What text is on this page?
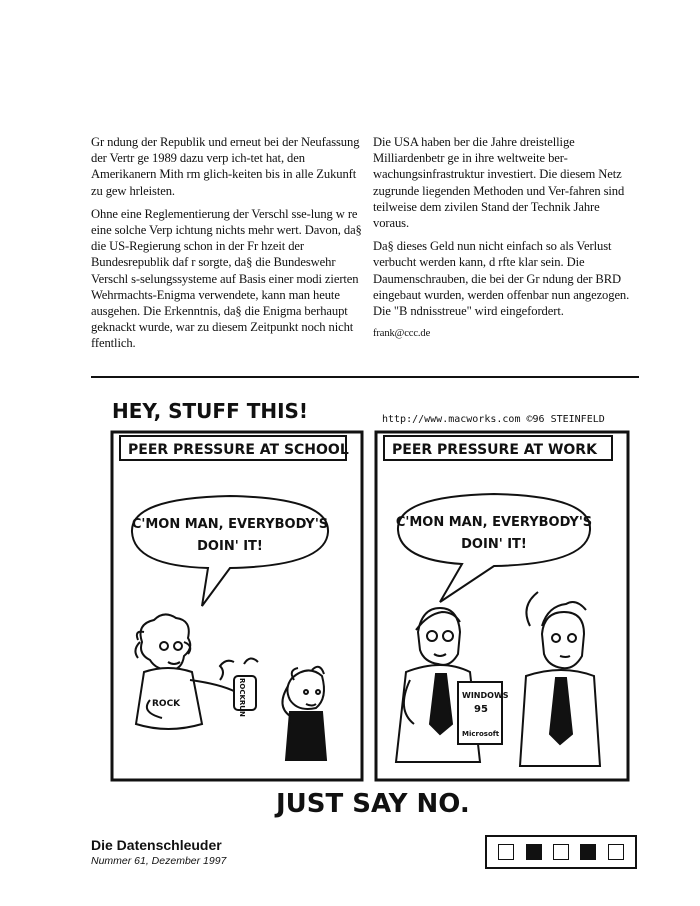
Gr ndung der Republik und erneut bei der Neufassung der Vertr ge 1989 dazu verp ich-tet hat, den Amerikanern Mith rm glich-keiten bis in alle Zukunft zu gew hrleisten.

Ohne eine Reglementierung der Verschl sse-lung w re eine solche Verp ichtung nichts mehr wert. Davon, da§ die US-Regierung schon in der Fr hzeit der Bundesrepublik daf r sorgte, da§ die Bundeswehr Verschl s-selungssysteme auf Basis einer modi zierten Wehrmachts-Enigma verwendete, kann man heute ausgehen. Die Erkenntnis, da§ die Enigma berhaupt geknackt wurde, war zu diesem Zeitpunkt noch nicht ffentlich.

Die USA haben ber die Jahre dreistellige Milliardenbetr ge in ihre weltweite ber-wachungsinfrastruktur investiert. Die diesem Netz zugrunde liegenden Methoden und Ver-fahren sind teilweise dem zivilen Stand der Technik Jahre voraus.

Da§ dieses Geld nun nicht einfach so als Verlust verbucht werden kann, d rfte klar sein. Die Daumenschrauben, die bei der Gr ndung der BRD eingebaut wurden, werden offenbar nun angezogen. Die "B ndnisstreue" wird eingefordert.

frank@ccc.de
HEY, STUFF THIS!	http://www.macworks.com ©96 STEINFELD
PEER PRESSURE AT SCHOOL
C'MON MAN, EVERYBODY'S
DOIN' IT!
ROCK	ROCKRUN
PEER PRESSURE AT WORK
C'MON MAN, EVERYBODY'S
DOIN' IT!
WINDOWS
95
Microsoft
JUST SAY NO.
Die Datenschleuder
Nummer 61, Dezember 1997
